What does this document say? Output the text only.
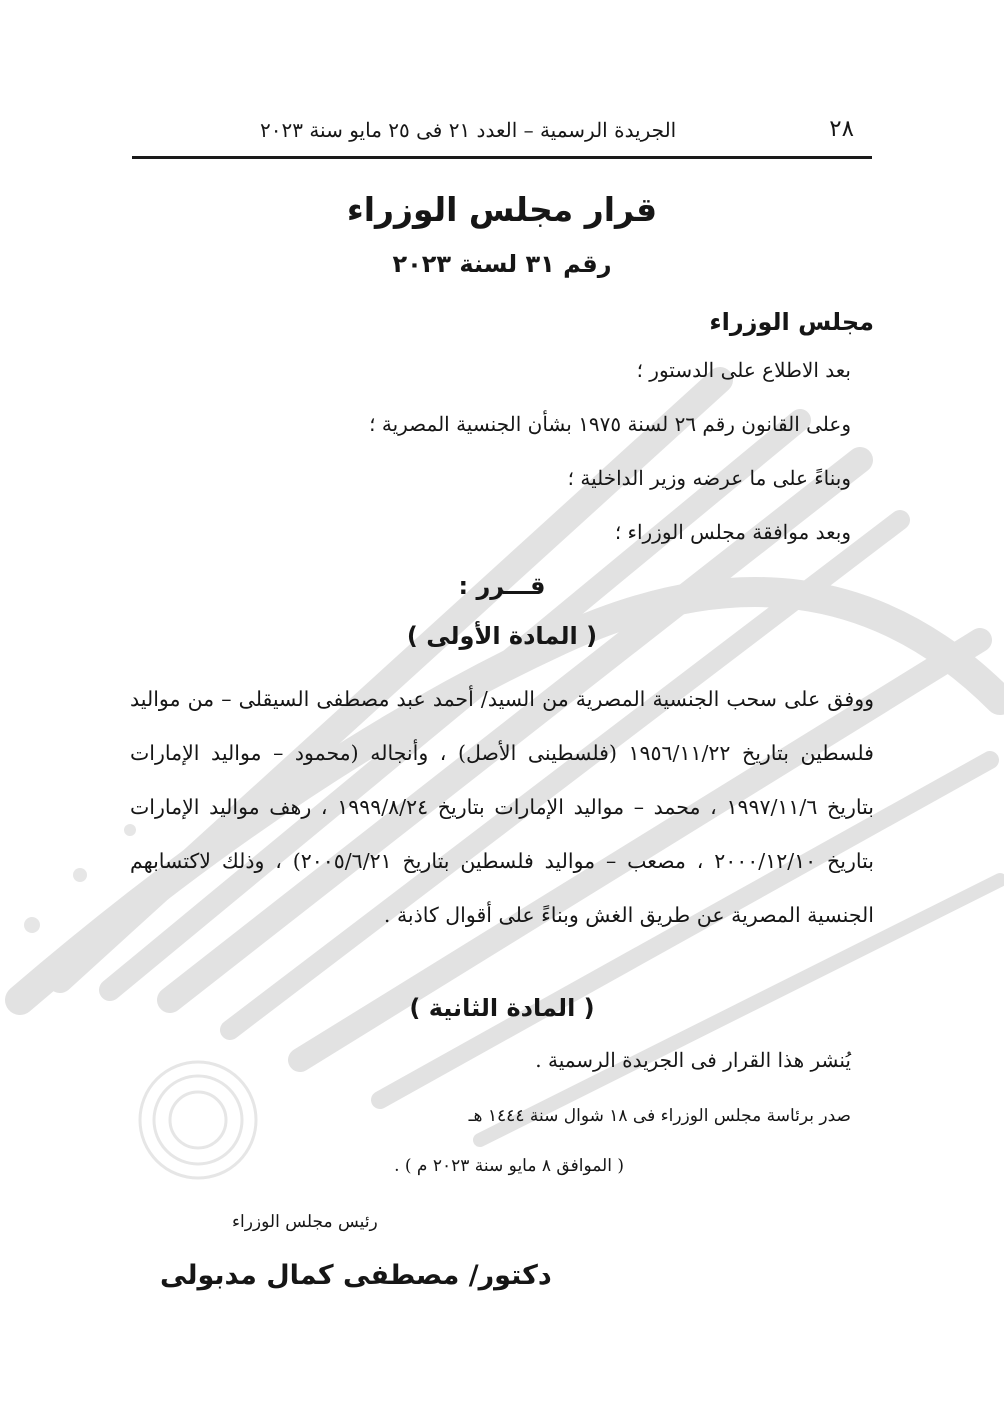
٢٨
الجريدة الرسمية – العدد ٢١ فى ٢٥ مايو سنة ٢٠٢٣
قرار مجلس الوزراء
رقم ٣١ لسنة ٢٠٢٣
مجلس الوزراء
بعد الاطلاع على الدستور ؛
وعلى القانون رقم ٢٦ لسنة ١٩٧٥ بشأن الجنسية المصرية ؛
وبناءً على ما عرضه وزير الداخلية ؛
وبعد موافقة مجلس الوزراء ؛
قـــرر :
( المادة الأولى )
ووفق على سحب الجنسية المصرية من السيد/ أحمد عبد مصطفى السيقلى – من مواليد فلسطين بتاريخ ١٩٥٦/١١/٢٢ (فلسطينى الأصل) ، وأنجاله (محمود – مواليد الإمارات بتاريخ ١٩٩٧/١١/٦ ، محمد – مواليد الإمارات بتاريخ ١٩٩٩/٨/٢٤ ، رهف مواليد الإمارات بتاريخ ٢٠٠٠/١٢/١٠ ، مصعب – مواليد فلسطين بتاريخ ٢٠٠٥/٦/٢١) ، وذلك لاكتسابهم الجنسية المصرية عن طريق الغش وبناءً على أقوال كاذبة .
( المادة الثانية )
يُنشر هذا القرار فى الجريدة الرسمية .
صدر برئاسة مجلس الوزراء فى ١٨ شوال سنة ١٤٤٤ هـ
( الموافق ٨ مايو سنة ٢٠٢٣ م ) .
رئيس مجلس الوزراء
دكتور/ مصطفى كمال مدبولى
